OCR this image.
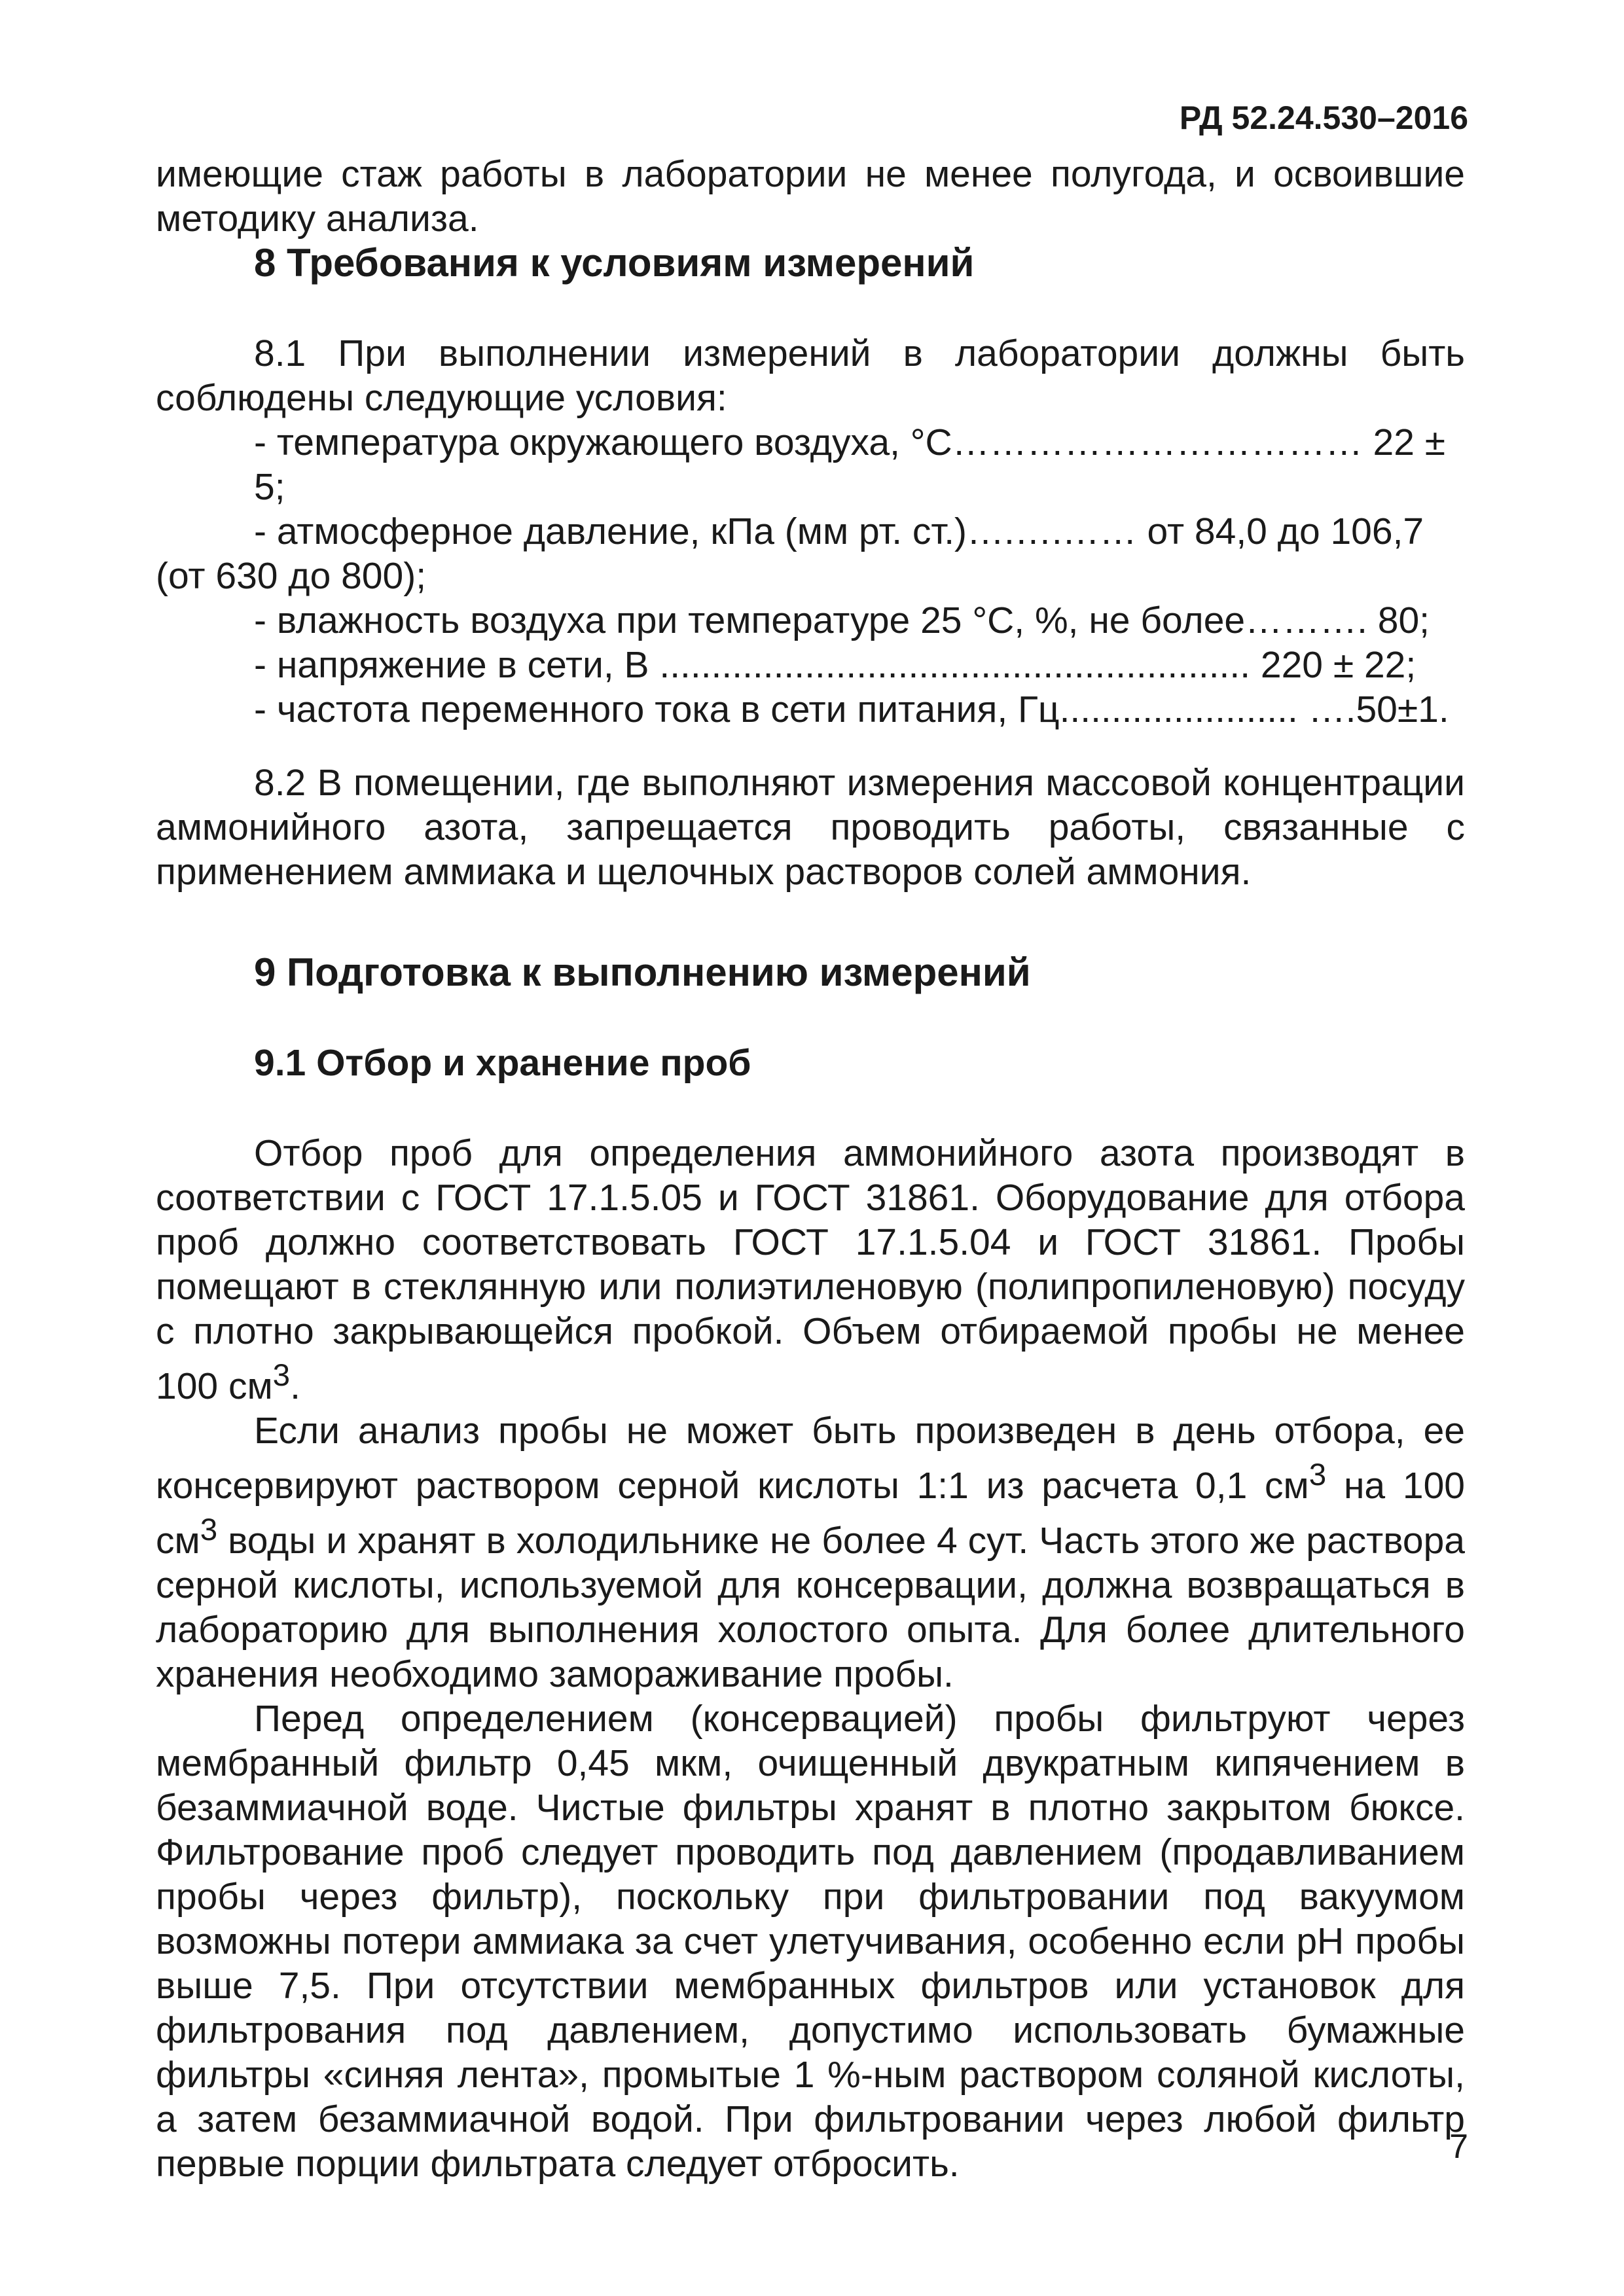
РД 52.24.530–2016

имеющие стаж работы в лаборатории не менее полугода, и освоившие методику анализа.

8 Требования к условиям измерений

8.1 При выполнении измерений в лаборатории должны быть соблюдены следующие условия:

- температура окружающего воздуха, °С…………………………… 22 ± 5;

- атмосферное давление, кПа (мм рт. ст.)….….…… от 84,0 до 106,7

(от 630 до 800);

- влажность воздуха при температуре 25 °С, %, не более………. 80;

- напряжение в сети, В ......................................................... 220 ± 22;

- частота переменного тока в сети питания, Гц....................... ….50±1.

8.2 В помещении, где выполняют измерения массовой концентрации аммонийного азота, запрещается проводить работы, связанные с применением аммиака и щелочных растворов солей аммония.

9 Подготовка к выполнению измерений
9.1 Отбор и хранение проб

Отбор проб для определения аммонийного азота производят в соответствии с ГОСТ 17.1.5.05 и ГОСТ 31861. Оборудование для отбора проб должно соответствовать ГОСТ 17.1.5.04 и ГОСТ 31861. Пробы помещают в стеклянную или полиэтиленовую (полипропиленовую) посуду с плотно закрывающейся пробкой. Объем отбираемой пробы не менее 100 $см^3$.

Если анализ пробы не может быть произведен в день отбора, ее консервируют раствором серной кислоты 1:1 из расчета 0,1 $см^3$ на 100 $см^3$ воды и хранят в холодильнике не более 4 сут. Часть этого же раствора серной кислоты, используемой для консервации, должна возвращаться в лабораторию для выполнения холостого опыта. Для более длительного хранения необходимо замораживание пробы.

Перед определением (консервацией) пробы фильтруют через мембранный фильтр 0,45 мкм, очищенный двукратным кипячением в безаммиачной воде. Чистые фильтры хранят в плотно закрытом бюксе. Фильтрование проб следует проводить под давлением (продавливанием пробы через фильтр), поскольку при фильтровании под вакуумом возможны потери аммиака за счет улетучивания, особенно если pH пробы выше 7,5. При отсутствии мембранных фильтров или установок для фильтрования под давлением, допустимо использовать бумажные фильтры «синяя лента», промытые 1 %-ным раствором соляной кислоты, а затем безаммиачной водой. При фильтровании через любой фильтр первые порции фильтрата следует отбросить.	7
